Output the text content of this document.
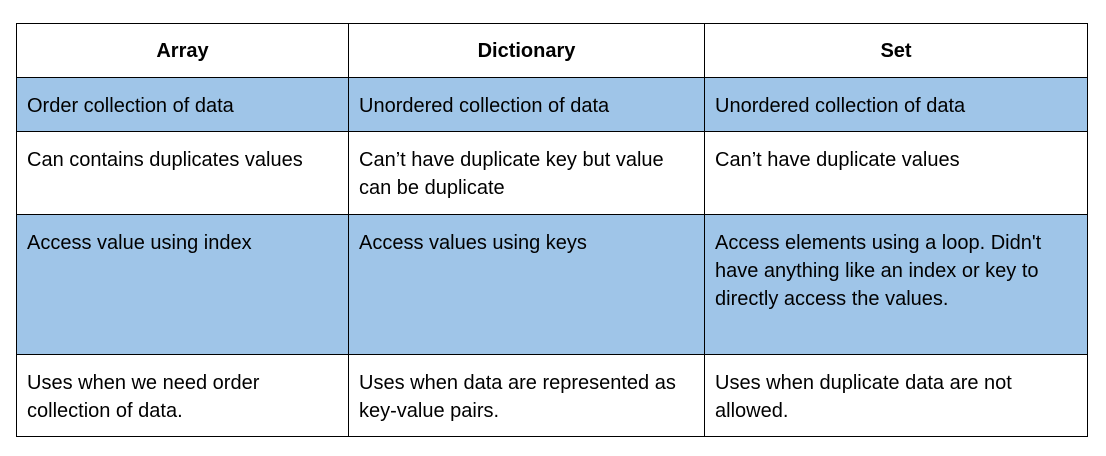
Array	Dictionary	Set
Order collection of data	Unordered collection of data	Unordered collection of data
Can contains duplicates values	Can’t have duplicate key but value can be duplicate	Can’t have duplicate values
Access value using index	Access values using keys	Access elements using a loop. Didn't have anything like an index or key to directly access the values.
Uses when we need order collection of data.	Uses when data are represented as key-value pairs.	Uses when duplicate data are not allowed.
